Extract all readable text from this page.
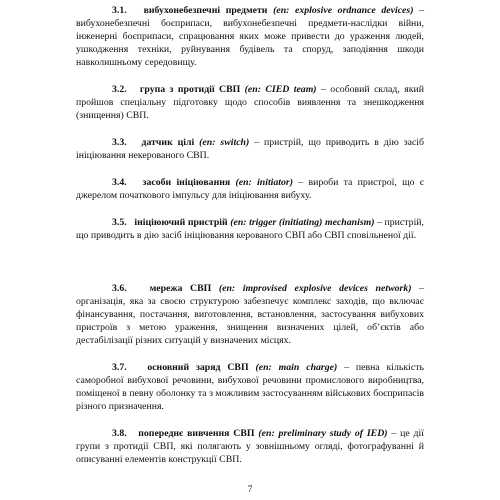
3.1. вибухонебезпечні предмети (en: explosive ordnance devices) – вибухонебезпечні боєприпаси, вибухонебезпечні предмети-наслідки війни, інженерні боєприпаси, спрацювання яких може привести до ураження людей, ушкодження техніки, руйнування будівель та споруд, заподіяння шкоди навколишньому середовищу.

3.2. група з протидії СВП (en: CIED team) – особовий склад, який пройшов спеціальну підготовку щодо способів виявлення та знешкодження (знищення) СВП.

3.3. датчик цілі (en: switch) – пристрій, що приводить в дію засіб ініціювання некерованого СВП.

3.4. засоби ініціювання (en: initiator) – вироби та пристрої, що є джерелом початкового імпульсу для ініціювання вибуху.

3.5. ініціюючий пристрій (en: trigger (initiating) mechanism) – пристрій, що приводить в дію засіб ініціювання керованого СВП або СВП сповільненої дії.

3.6. мережа СВП (en: improvised explosive devices network) – організація, яка за своєю структурою забезпечує комплекс заходів, що включає фінансування, постачання, виготовлення, встановлення, застосування вибухових пристроїв з метою ураження, знищення визначених цілей, об’єктів або дестабілізації різних ситуацій у визначених місцях.

3.7. основний заряд СВП (en: main charge) – певна кількість саморобної вибухової речовини, вибухової речовини промислового виробництва, поміщеної в певну оболонку та з можливим застосуванням військових боєприпасів різного призначення.

3.8. попереднє вивчення СВП (en: preliminary study of IED) – це дії групи з протидії СВП, які полягають у зовнішньому огляді, фотографуванні й описуванні елементів конструкції СВП.

7
